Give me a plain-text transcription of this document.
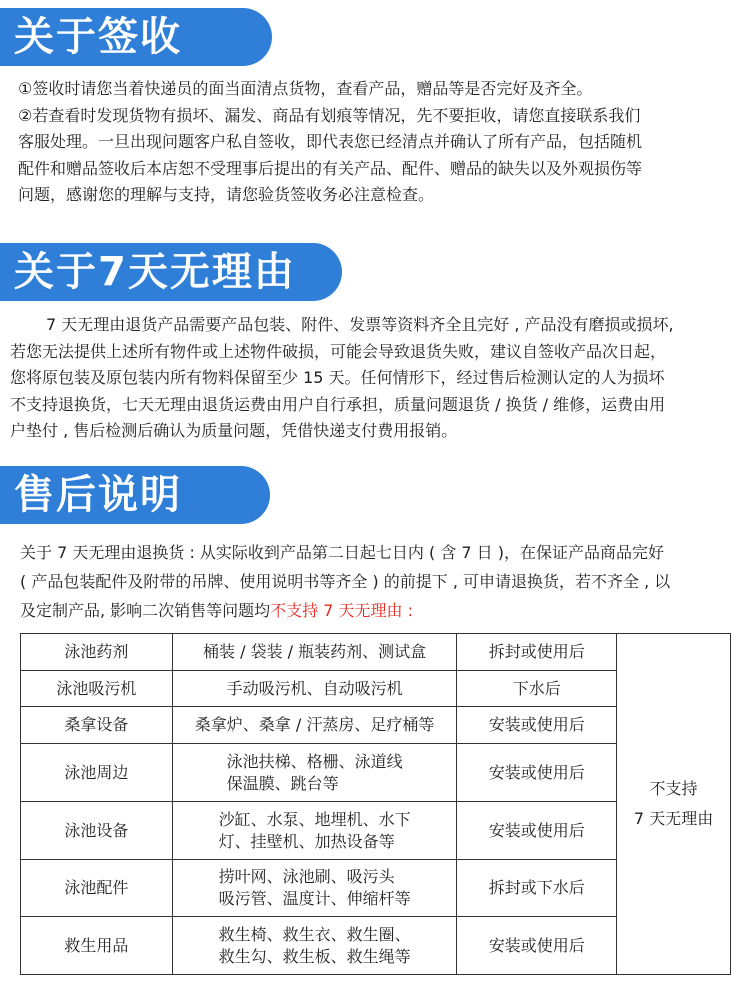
关于签收
①签收时请您当着快递员的面当面清点货物，查看产品，赠品等是否完好及齐全。
②若查看时发现货物有损坏、漏发、商品有划痕等情况，先不要拒收，请您直接联系我们
客服处理。一旦出现问题客户私自签收，即代表您已经清点并确认了所有产品，包括随机
配件和赠品签收后本店恕不受理事后提出的有关产品、配件、赠品的缺失以及外观损伤等
问题，感谢您的理解与支持，请您验货签收务必注意检查。
关于7天无理由
7 天无理由退货产品需要产品包装、附件、发票等资料齐全且完好 , 产品没有磨损或损坏,
若您无法提供上述所有物件或上述物件破损，可能会导致退货失败，建议自签收产品次日起，
您将原包装及原包装内所有物料保留至少 15 天。任何情形下，经过售后检测认定的人为损坏
不支持退换货，七天无理由退货运费由用户自行承担，质量问题退货 / 换货 / 维修，运费由用
户垫付 , 售后检测后确认为质量问题，凭借快递支付费用报销。
售后说明
关于 7 天无理由退换货 : 从实际收到产品第二日起七日内 ( 含 7 日 )，在保证产品商品完好
( 产品包装配件及附带的吊牌、使用说明书等齐全 ) 的前提下 , 可申请退换货，若不齐全 , 以
及定制产品, 影响二次销售等问题均不支持 7 天无理由 :
泳池药剂	桶装 / 袋装 / 瓶装药剂、测试盒	拆封或使用后	不支持
7 天无理由

泳池吸污机	手动吸污机、自动吸污机	下水后	
桑拿设备	桑拿炉、桑拿 / 汗蒸房、足疗桶等	安装或使用后	
泳池周边	泳池扶梯、格栅、泳道线
保温膜、跳台等	安装或使用后	
泳池设备	沙缸、水泵、地埋机、水下
灯、挂壁机、加热设备等	安装或使用后	
泳池配件	捞叶网、泳池刷、吸污头
吸污管、温度计、伸缩杆等	拆封或下水后	
救生用品	救生椅、救生衣、救生圈、
救生勾、救生板、救生绳等	安装或使用后	
